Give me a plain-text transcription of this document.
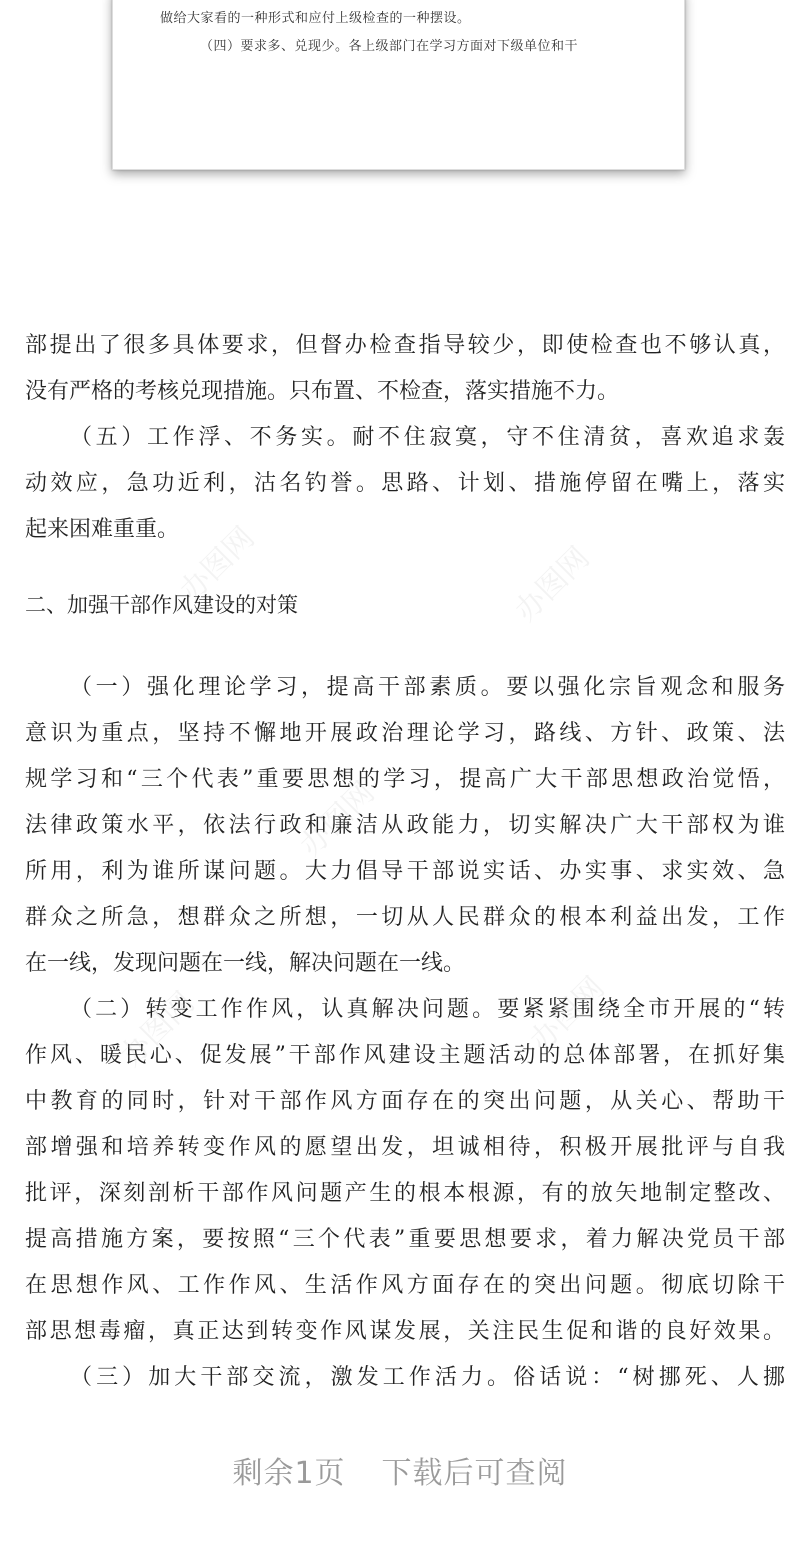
做给大家看的一种形式和应付上级检查的一种摆设。
（四）要求多、兑现少。各上级部门在学习方面对下级单位和干
部提出了很多具体要求，但督办检查指导较少，即使检查也不够认真，
没有严格的考核兑现措施。只布置、不检查，落实措施不力。
（五）工作浮、不务实。耐不住寂寞，守不住清贫，喜欢追求轰
动效应，急功近利，沽名钓誉。思路、计划、措施停留在嘴上，落实
起来困难重重。
二、加强干部作风建设的对策
（一）强化理论学习，提高干部素质。要以强化宗旨观念和服务
意识为重点，坚持不懈地开展政治理论学习，路线、方针、政策、法
规学习和“三个代表”重要思想的学习，提高广大干部思想政治觉悟，
法律政策水平，依法行政和廉洁从政能力，切实解决广大干部权为谁
所用，利为谁所谋问题。大力倡导干部说实话、办实事、求实效、急
群众之所急，想群众之所想，一切从人民群众的根本利益出发，工作
在一线，发现问题在一线，解决问题在一线。
（二）转变工作作风，认真解决问题。要紧紧围绕全市开展的“转
作风、暖民心、促发展”干部作风建设主题活动的总体部署，在抓好集
中教育的同时，针对干部作风方面存在的突出问题，从关心、帮助干
部增强和培养转变作风的愿望出发，坦诚相待，积极开展批评与自我
批评，深刻剖析干部作风问题产生的根本根源，有的放矢地制定整改、
提高措施方案，要按照“三个代表”重要思想要求，着力解决党员干部
在思想作风、工作作风、生活作风方面存在的突出问题。彻底切除干
部思想毒瘤，真正达到转变作风谋发展，关注民生促和谐的良好效果。
（三）加大干部交流，激发工作活力。俗话说：“树挪死、人挪
办图网	办图网
办图网
办图网
办图网
剩余1页 下载后可查阅
